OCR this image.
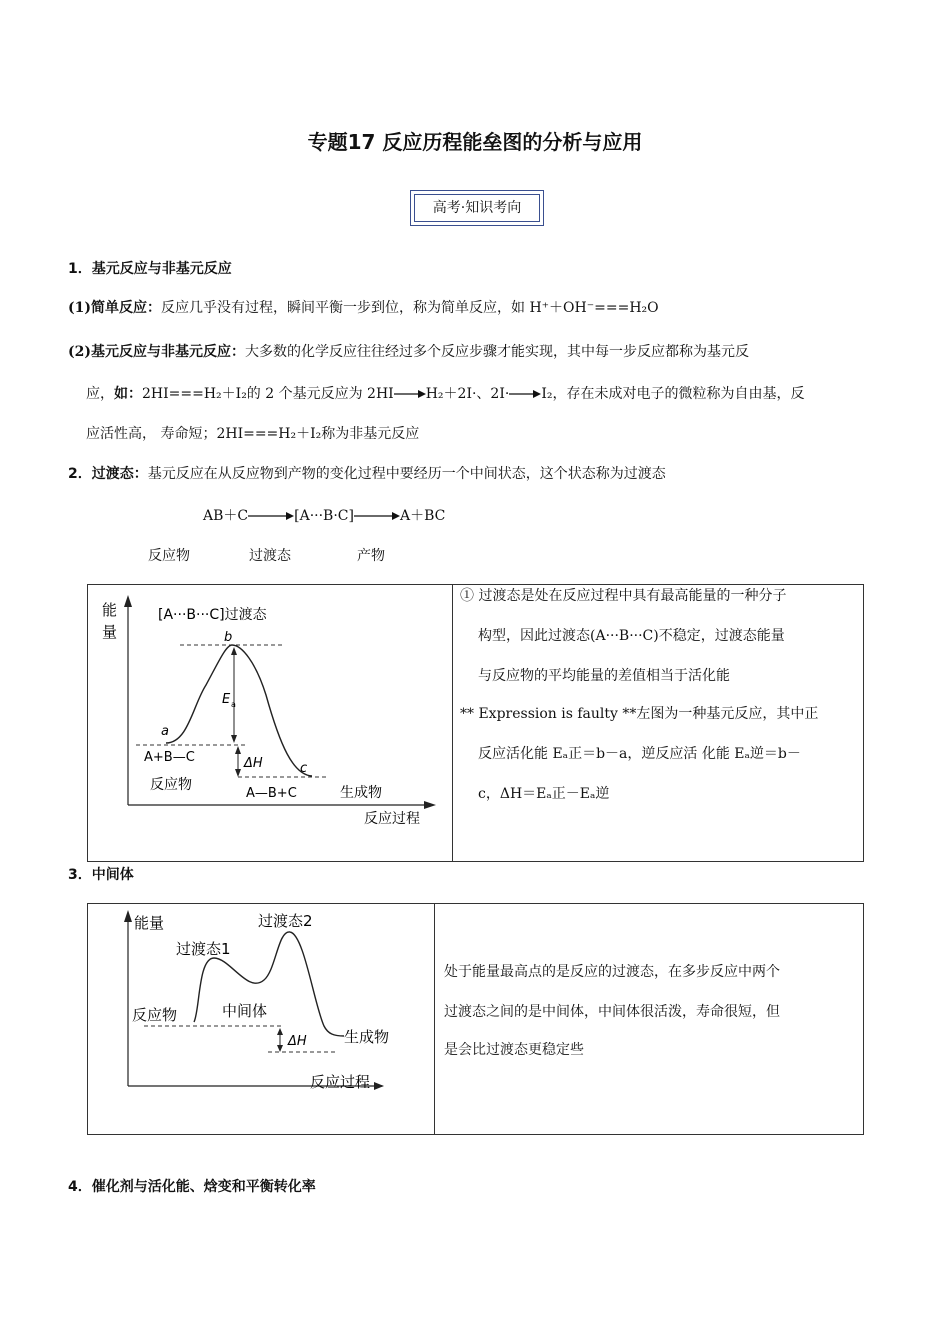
专题17 反应历程能垒图的分析与应用
高考·知识考向
1．基元反应与非基元反应
(1)简单反应：反应几乎没有过程，瞬间平衡一步到位，称为简单反应，如 H⁺＋OH⁻===H₂O
(2)基元反应与非基元反应：大多数的化学反应往往经过多个反应步骤才能实现，其中每一步反应都称为基元反
应，如：2HI===H₂＋I₂的 2 个基元反应为 2HI H₂＋2I·、2I· I₂，存在未成对电子的微粒称为自由基，反
应活性高， 寿命短；2HI===H₂＋I₂称为非基元反应
2．过渡态：基元反应在从反应物到产物的变化过程中要经历一个中间状态，这个状态称为过渡态
AB＋C	[A···B·C]	A＋BC
反应物	过渡态	产物
能
量
[A···B···C]过渡态
b
a
c
E a
ΔH
A+B—C
反应物
A—B+C	生成物
反应过程
① 过渡态是处在反应过程中具有最高能量的一种分子
构型，因此过渡态(A···B···C)不稳定，过渡态能量
与反应物的平均能量的差值相当于活化能
** Expression is faulty **左图为一种基元反应，其中正
反应活化能 Eₐ正＝b－a，逆反应活 化能 Eₐ逆＝b－
c，ΔH＝Eₐ正－Eₐ逆
3．中间体
能量	过渡态2
过渡态1
反应物	中间体
生成物
反应过程
ΔH
处于能量最高点的是反应的过渡态，在多步反应中两个
过渡态之间的是中间体，中间体很活泼，寿命很短，但
是会比过渡态更稳定些
4．催化剂与活化能、焓变和平衡转化率
